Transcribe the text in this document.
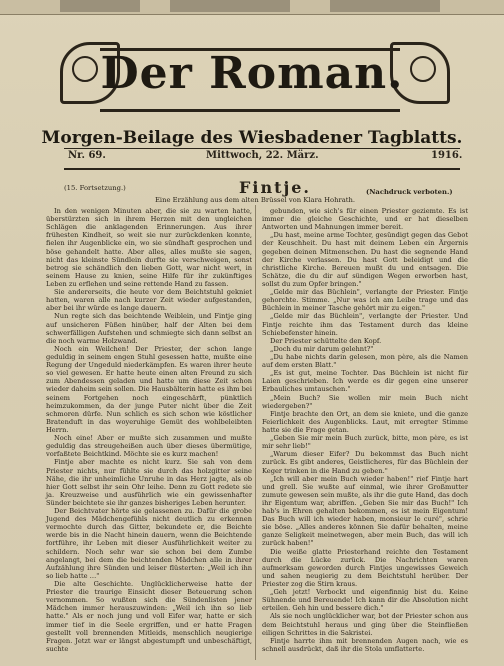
Der Roman.
Morgen-Beilage des Wiesbadener Tagblatts.
Nr. 69.	Mittwoch, 22. März.	1916.
(15. Fortsetzung.)	Fintje.	(Nachdruck verboten.)
Eine Erzählung aus dem alten Brüssel von Klara Hohrath.

In den wenigen Minuten aber, die sie zu warten hatte, überstürzten sich in ihrem Herzen mit den ungleichen Schlägen die anklagenden Erinnerungen. Aus ihrer frühesten Kindheit, so weit sie nur zurückdenken konnte, fielen ihr Augenblicke ein, wo sie sündhaft gesprochen und böse gehandelt hatte. Aber alles, alles mußte sie sagen, nicht das kleinste Sündlein durfte sie verschweigen, sonst betrog sie schändlich den lieben Gott, war nicht wert, in seinem Hause zu knien, seine Hilfe für ihr zukünftiges Leben zu erflehen und seine rettende Hand zu fassen.

Sie andererseits, die heute vor dem Beichtstuhl gekniet hatten, waren alle nach kurzer Zeit wieder aufgestanden, aber bei ihr würde es lange dauern.

Nun regte sich das beichtende Weiblein, und Fintje ging auf unsicheren Füßen hinüber, half der Alten bei dem schwerfälligen Aufstehen und schmiegte sich dann selbst an die noch warme Holzwand.

Noch ein Weilchen! Der Priester, der schon lange geduldig in seinem engen Stuhl gesessen hatte, mußte eine Regung der Ungeduld niederkämpfen. Es waren ihrer heute so viel gewesen. Er hatte heute einen alten Freund zu sich zum Abendessen geladen und hatte um diese Zeit schon wieder daheim sein sollen. Die Hausbälterin hatte es ihm bei seinem Fortgehen noch eingeschärft, pünktlich heimzukommen, da der junge Puter nicht über die Zeit schmoren dürfe. Nun schlich es sich schon wie köstlicher Bratenduft in das woyeruhige Gemüt des wohlbeleibten Herrn.

Noch eine! Aber er mußte sich zusammen und mußte geduldig das streugeheißen auch über dieses übermütige, vorfaßtete Beichtkind. Möchte sie es kurz machen!

Fintje aber machte es nicht kurz. Sie sah von dem Priester nichts, nur fühlte sie durch das holzgitter seine Nähe, die ihr unheimliche Unruhe in das Herz jagte, als ob hier Gott selbst ihr sein Ohr leihe. Denn zu Gott redete sie ja. Kreuzweise und ausführlich wie ein gewissenhafter Sünder beichtete sie ihr ganzes bisheriges Leben herunter.

Der Beichtvater hörte sie gelassenen zu. Dafür die grobe Jugend des Mädchengefühls nicht deutlich zu erkennen vermochte durch das Gitter, bekundete er, die Beichte werde bis in die Nacht hinein dauern, wenn die Beichtende fortführe, ihr Leben mit dieser Ausführlichkeit weiter zu schildern. Noch sehr war sie schon bei dem Zumbe angelangt, bei dem die beichtenden Mädchen alle in ihrer Aufzählung ihre Sünden und leiser flüsterten: „Weil ich ihn so lieb hatte …"

Die alte Geschichte. Unglücklicherweise hatte der Priester die traurige Einsicht dieser Beteuerung schon vernommen. So wußten sich die Sündenlisten jener Mädchen immer herauszuwinden: „Weil ich ihn so lieb hatte." Als er noch jung und voll Eifer war, hatte er sich immer tief in die Seele ergriffen, und er hatte Fragen gestellt voll brennenden Mitleids, menschlich neugierige Fragen. Jetzt war er längst abgestumpft und unbeschäftigt, suchte

gebunden, wie sich's für einen Priester geziemte. Es ist immer die gleiche Geschichte, und er hat dieselben Antworten und Mahnungen immer bereit.

„Du hast, meine arme Tochter, gesündigt gegen das Gebot der Keuschheit. Du hast mit deinem Leben ein Ärgernis gegeben deinen Mitmenschen. Du hast die segnende Hand der Kirche verlassen. Du hast Gott beleidigt und die christliche Kirche. Bereuen mußt du und entsagen. Die Schätze, die du dir auf sündigen Wegen erworben hast, sollst du zum Opfer bringen."

„Gelde mir das Büchlein", verlangte der Priester. Fintje gehorchte. Stimme. „Nur was ich am Leibe trage und das Büchlein in meiner Tasche gehört mir zu eigen."

„Gelde mir das Büchlein", verlangte der Priester. Und Fintje reichte ihm das Testament durch das kleine Schiebefenster hinein.

Der Priester schüttelte den Kopf.

„Doch du mir darum gelehnt?"

„Du habe nichts darin gelesen, mon père, als die Namen auf dem ersten Blatt."

„Es ist gut, meine Tochter. Das Büchlein ist nicht für Laien geschrieben. Ich werde es dir gegen eine unserer Erbauliches umtauschen."

„Mein Buch? Sie wollen mir mein Buch nicht wiedergeben?"

Fintje brachte den Ort, an dem sie kniete, und die ganze Feierlichkeit des Augenblicks. Laut, mit erregter Stimme hatte sie die Frage getan.

„Geben Sie mir mein Buch zurück, bitte, mon père, es ist mir sehr lieb!"

„Warum dieser Eifer? Du bekommst das Buch nicht zurück. Es gibt anderes, Geistlicheres, für das Büchlein der Keger trinken in die Hand zu geben."

„Ich will aber mein Buch wieder haben!" rief Fintje hart und grell. Sie wußte auf einmal, wie ihrer Großmutter zumute gewesen sein mußte, als ihr die gute Hand, das doch ihr Eigentum war, abriffen. „Geben Sie mir das Buch!" Ich hab's in Ehren gehalten bekommen, es ist mein Eigentum! Das Buch will ich wieder haben, monsieur le curé", schrie sie böse. „Alles anderes können Sie dafür behalten, meine ganze Seligkeit meinetwegen, aber mein Buch, das will ich zurück haben!"

Die weiße glatte Priesterhand reichte den Testament durch die Lücke zurück. Die Nachrichten waren aufmerksam geworden durch Fintjes ungewisses Geweich und sahen neugierig zu dem Beichtstuhl herüber. Der Priester zog die Stirn kraus.

„Geh jetzt! Verbockt und eigenfinnig bist du. Keine Sühnende und Bereuende! Ich kann dir die Absolution nicht erteilen. Geh hin und bessere dich."

Als sie noch unglücklicher war, bot der Priester schon aus dem Beichtstuhl heraus und ging über die Steinfließen eiligen Schrittes in die Sakristei.

Fintje harrte ihm mit brennenden Augen nach, wie es schnell ausdrückt, daß ihr die Stola umflatterte.
